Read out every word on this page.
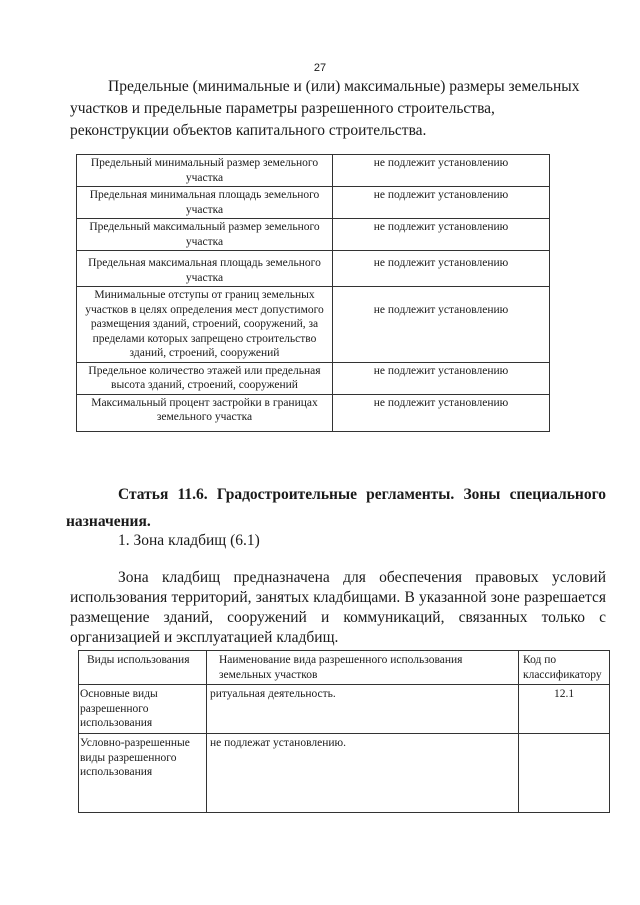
27
Предельные (минимальные и (или) максимальные) размеры земельных участков и предельные параметры разрешенного строительства, реконструкции объектов капитального строительства.
Предельный минимальный размер земельного участка	не подлежит установлению
Предельная минимальная площадь земельного участка	не подлежит установлению
Предельный максимальный размер земельного участка	не подлежит установлению
Предельная максимальная площадь земельного участка	не подлежит установлению
Минимальные отступы от границ земельных участков в целях определения мест допустимого размещения зданий, строений, сооружений, за пределами которых запрещено строительство зданий, строений, сооружений	не подлежит установлению
Предельное количество этажей или предельная высота зданий, строений, сооружений	не подлежит установлению
Максимальный процент застройки в границах земельного участка	не подлежит установлению
Статья 11.6. Градостроительные регламенты. Зоны специального назначения.
1. Зона кладбищ (6.1)
Зона кладбищ предназначена для обеспечения правовых условий использования территорий, занятых кладбищами. В указанной зоне разрешается размещение зданий, сооружений и коммуникаций, связанных только с организацией и эксплуатацией кладбищ.
Виды использования	Наименование вида разрешенного использования земельных участков	Код по классификатору
Основные виды разрешенного использования	ритуальная деятельность.	12.1
Условно-разрешенные виды разрешенного использования	не подлежат установлению.	
